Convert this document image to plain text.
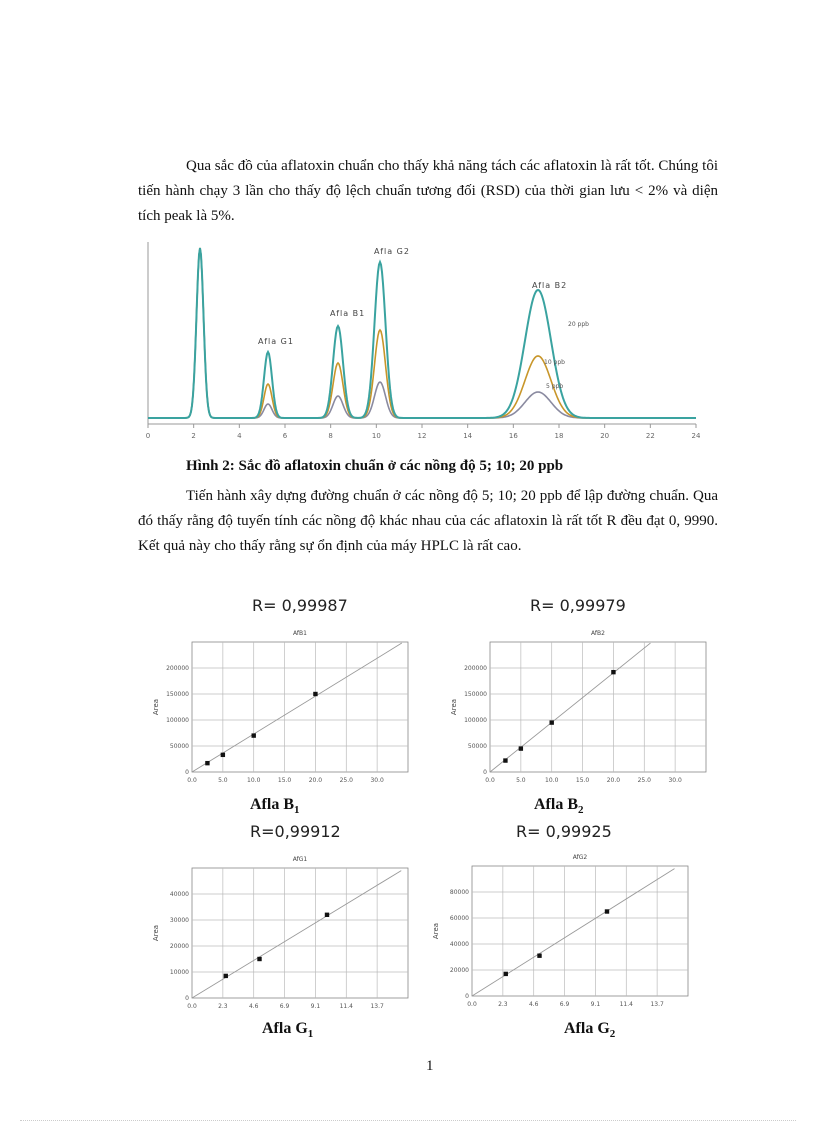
Qua sắc đồ của aflatoxin chuẩn cho thấy khả năng tách các aflatoxin là rất tốt. Chúng tôi tiến hành chạy 3 lần cho thấy độ lệch chuẩn tương đối (RSD) của thời gian lưu < 2% và diện tích peak là 5%.

0	2	4	6	8	10	12	14	16	18	20	22	24
Afla G1
Afla B1
Afla G2
Afla B2
20 ppb
10 ppb
5 ppb

Hình 2: Sắc đồ aflatoxin chuẩn ở các nồng độ 5; 10; 20 ppb

Tiến hành xây dựng đường chuẩn ở các nồng độ 5; 10; 20 ppb để lập đường chuẩn. Qua đó thấy rằng độ tuyến tính các nồng độ khác nhau của các aflatoxin là rất tốt R đều đạt 0, 9990. Kết quả này cho thấy rằng sự ổn định của máy HPLC là rất cao.

R= 0,99987
AfB1
0.0	5.0	10.0	15.0	20.0	25.0	30.0
0
50000
100000
150000
200000
Area
Afla $B_1$
R= 0,99979
AfB2
0.0	5.0	10.0	15.0	20.0	25.0	30.0
0
50000
100000
150000
200000
Area
Afla $B_2$
R=0,99912
AfG1
0.0	2.3	4.6	6.9	9.1	11.4	13.7
0
10000
20000
30000
40000
Area
Afla $G_1$
R= 0,99925
AfG2
0.0	2.3	4.6	6.9	9.1	11.4	13.7
0
20000
40000
60000
80000
Area
Afla $G_2$
1
